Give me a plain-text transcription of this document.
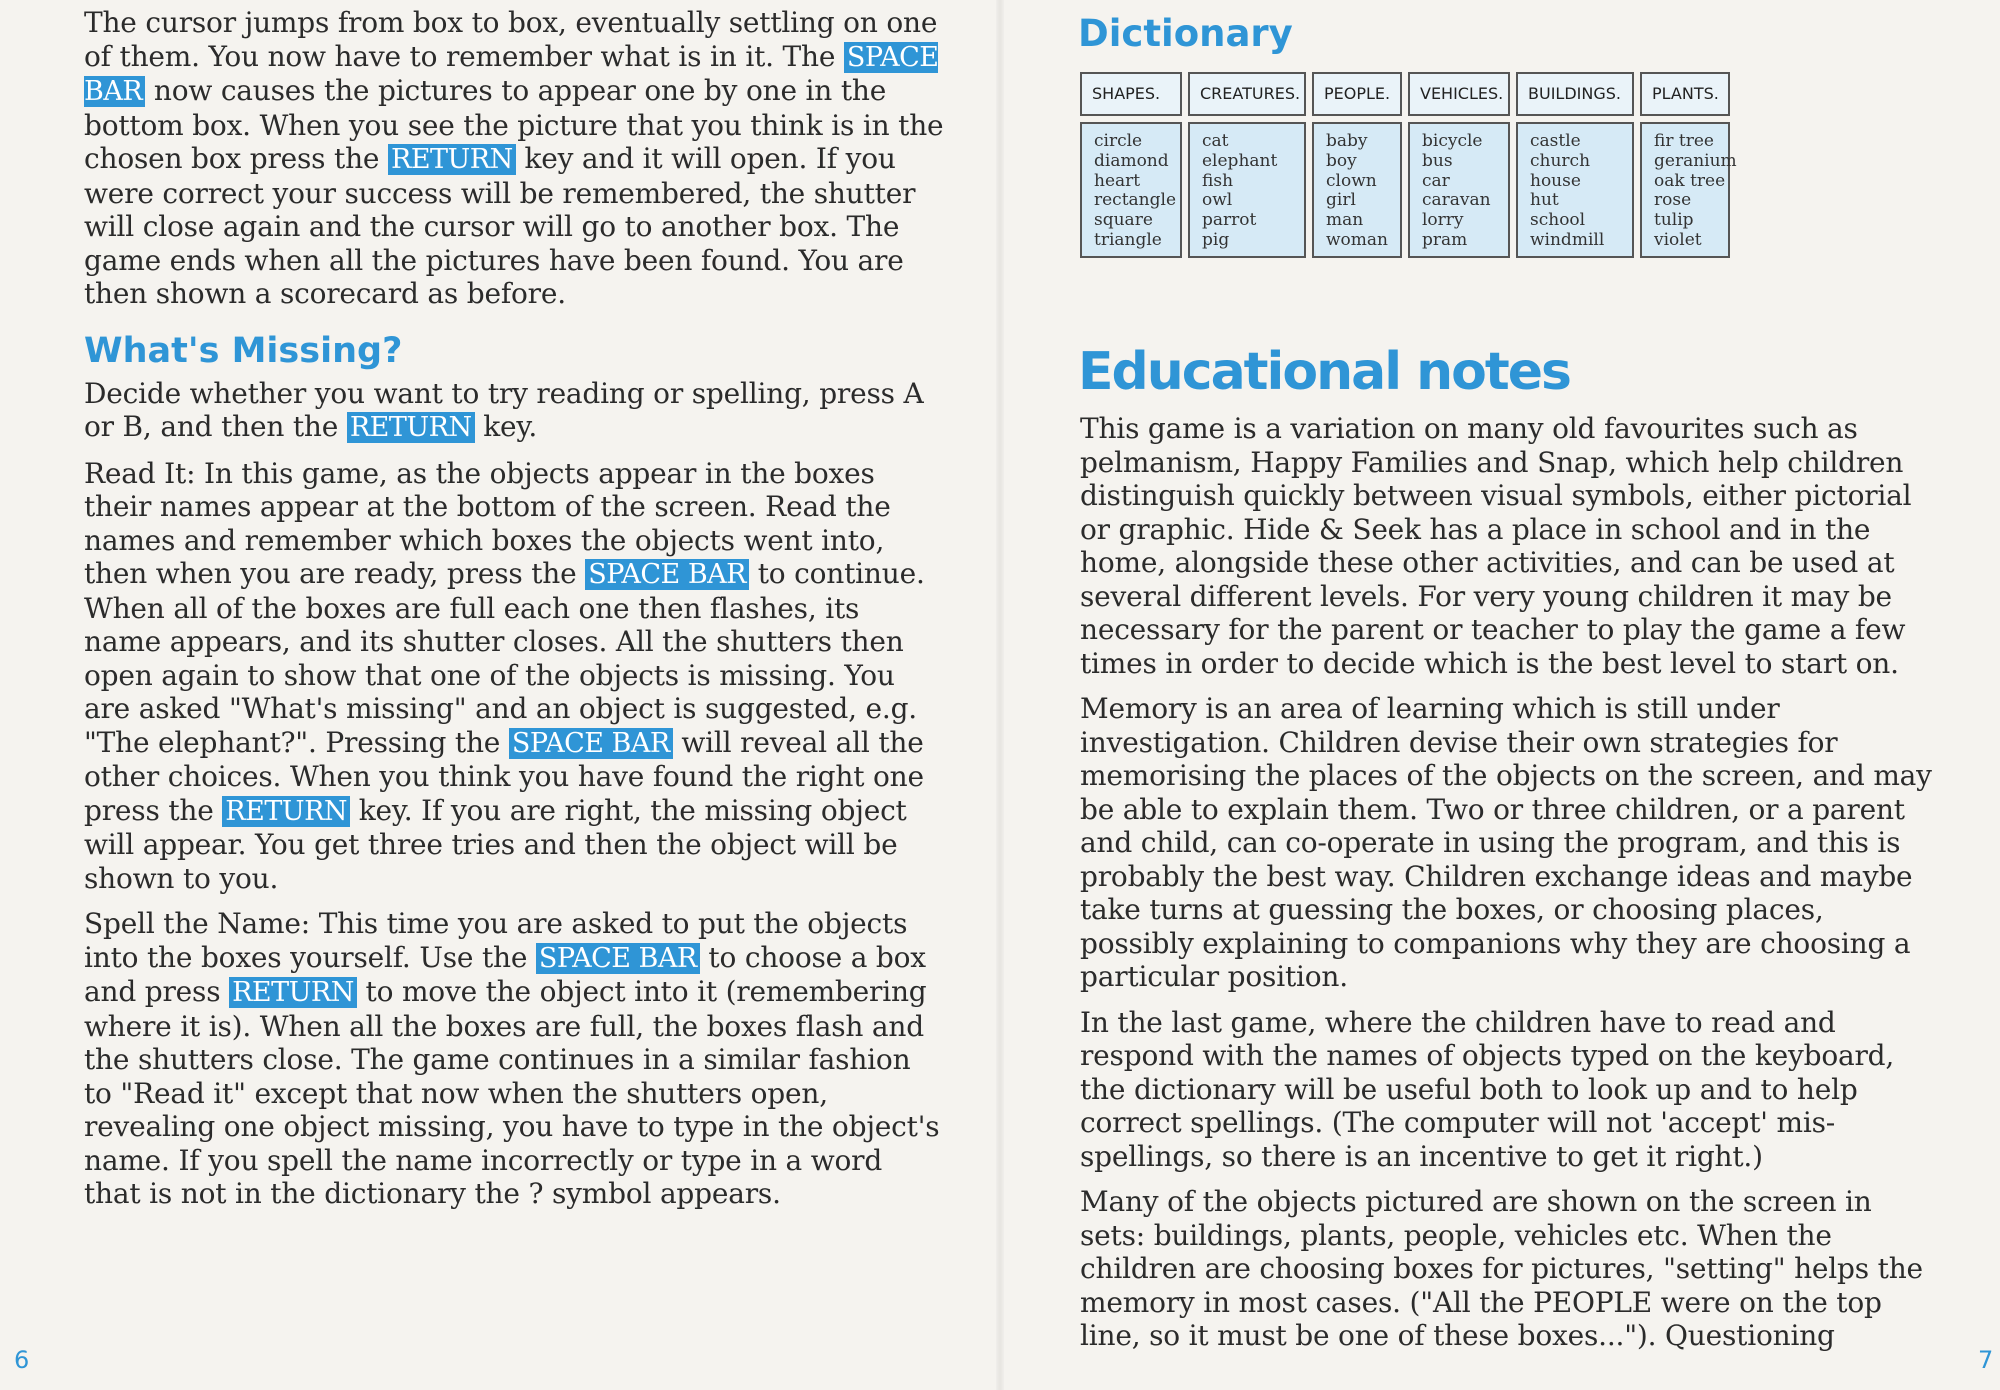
The cursor jumps from box to box, eventually settling on one of them. You now have to remember what is in it. The SPACE BAR now causes the pictures to appear one by one in the bottom box. When you see the picture that you think is in the chosen box press the RETURN key and it will open. If you were correct your success will be remembered, the shutter will close again and the cursor will go to another box. The game ends when all the pictures have been found. You are then shown a scorecard as before.

What's Missing?

Decide whether you want to try reading or spelling, press A or B, and then the RETURN key.

Read It: In this game, as the objects appear in the boxes their names appear at the bottom of the screen. Read the names and remember which boxes the objects went into, then when you are ready, press the SPACE BAR to continue. When all of the boxes are full each one then flashes, its name appears, and its shutter closes. All the shutters then open again to show that one of the objects is missing. You are asked "What's missing" and an object is suggested, e.g. "The elephant?". Pressing the SPACE BAR will reveal all the other choices. When you think you have found the right one press the RETURN key. If you are right, the missing object will appear. You get three tries and then the object will be shown to you.

Spell the Name: This time you are asked to put the objects into the boxes yourself. Use the SPACE BAR to choose a box and press RETURN to move the object into it (remembering where it is). When all the boxes are full, the boxes flash and the shutters close. The game continues in a similar fashion to "Read it" except that now when the shutters open, revealing one object missing, you have to type in the object's name. If you spell the name incorrectly or type in a word that is not in the dictionary the ? symbol appears.

6
Dictionary
SHAPES.
circle
diamond
heart
rectangle
square
triangle
CREATURES.
cat
elephant
fish
owl
parrot
pig
PEOPLE.
baby
boy
clown
girl
man
woman
VEHICLES.
bicycle
bus
car
caravan
lorry
pram
BUILDINGS.
castle
church
house
hut
school
windmill
PLANTS.
fir tree
geranium
oak tree
rose
tulip
violet
Educational notes

This game is a variation on many old favourites such as pelmanism, Happy Families and Snap, which help children distinguish quickly between visual symbols, either pictorial or graphic. Hide & Seek has a place in school and in the home, alongside these other activities, and can be used at several different levels. For very young children it may be necessary for the parent or teacher to play the game a few times in order to decide which is the best level to start on.

Memory is an area of learning which is still under investigation. Children devise their own strategies for memorising the places of the objects on the screen, and may be able to explain them. Two or three children, or a parent and child, can co-operate in using the program, and this is probably the best way. Children exchange ideas and maybe take turns at guessing the boxes, or choosing places, possibly explaining to companions why they are choosing a particular position.

In the last game, where the children have to read and respond with the names of objects typed on the keyboard, the dictionary will be useful both to look up and to help correct spellings. (The computer will not 'accept' mis-spellings, so there is an incentive to get it right.)

Many of the objects pictured are shown on the screen in sets: buildings, plants, people, vehicles etc. When the children are choosing boxes for pictures, "setting" helps the memory in most cases. ("All the PEOPLE were on the top line, so it must be one of these boxes..."). Questioning

7
